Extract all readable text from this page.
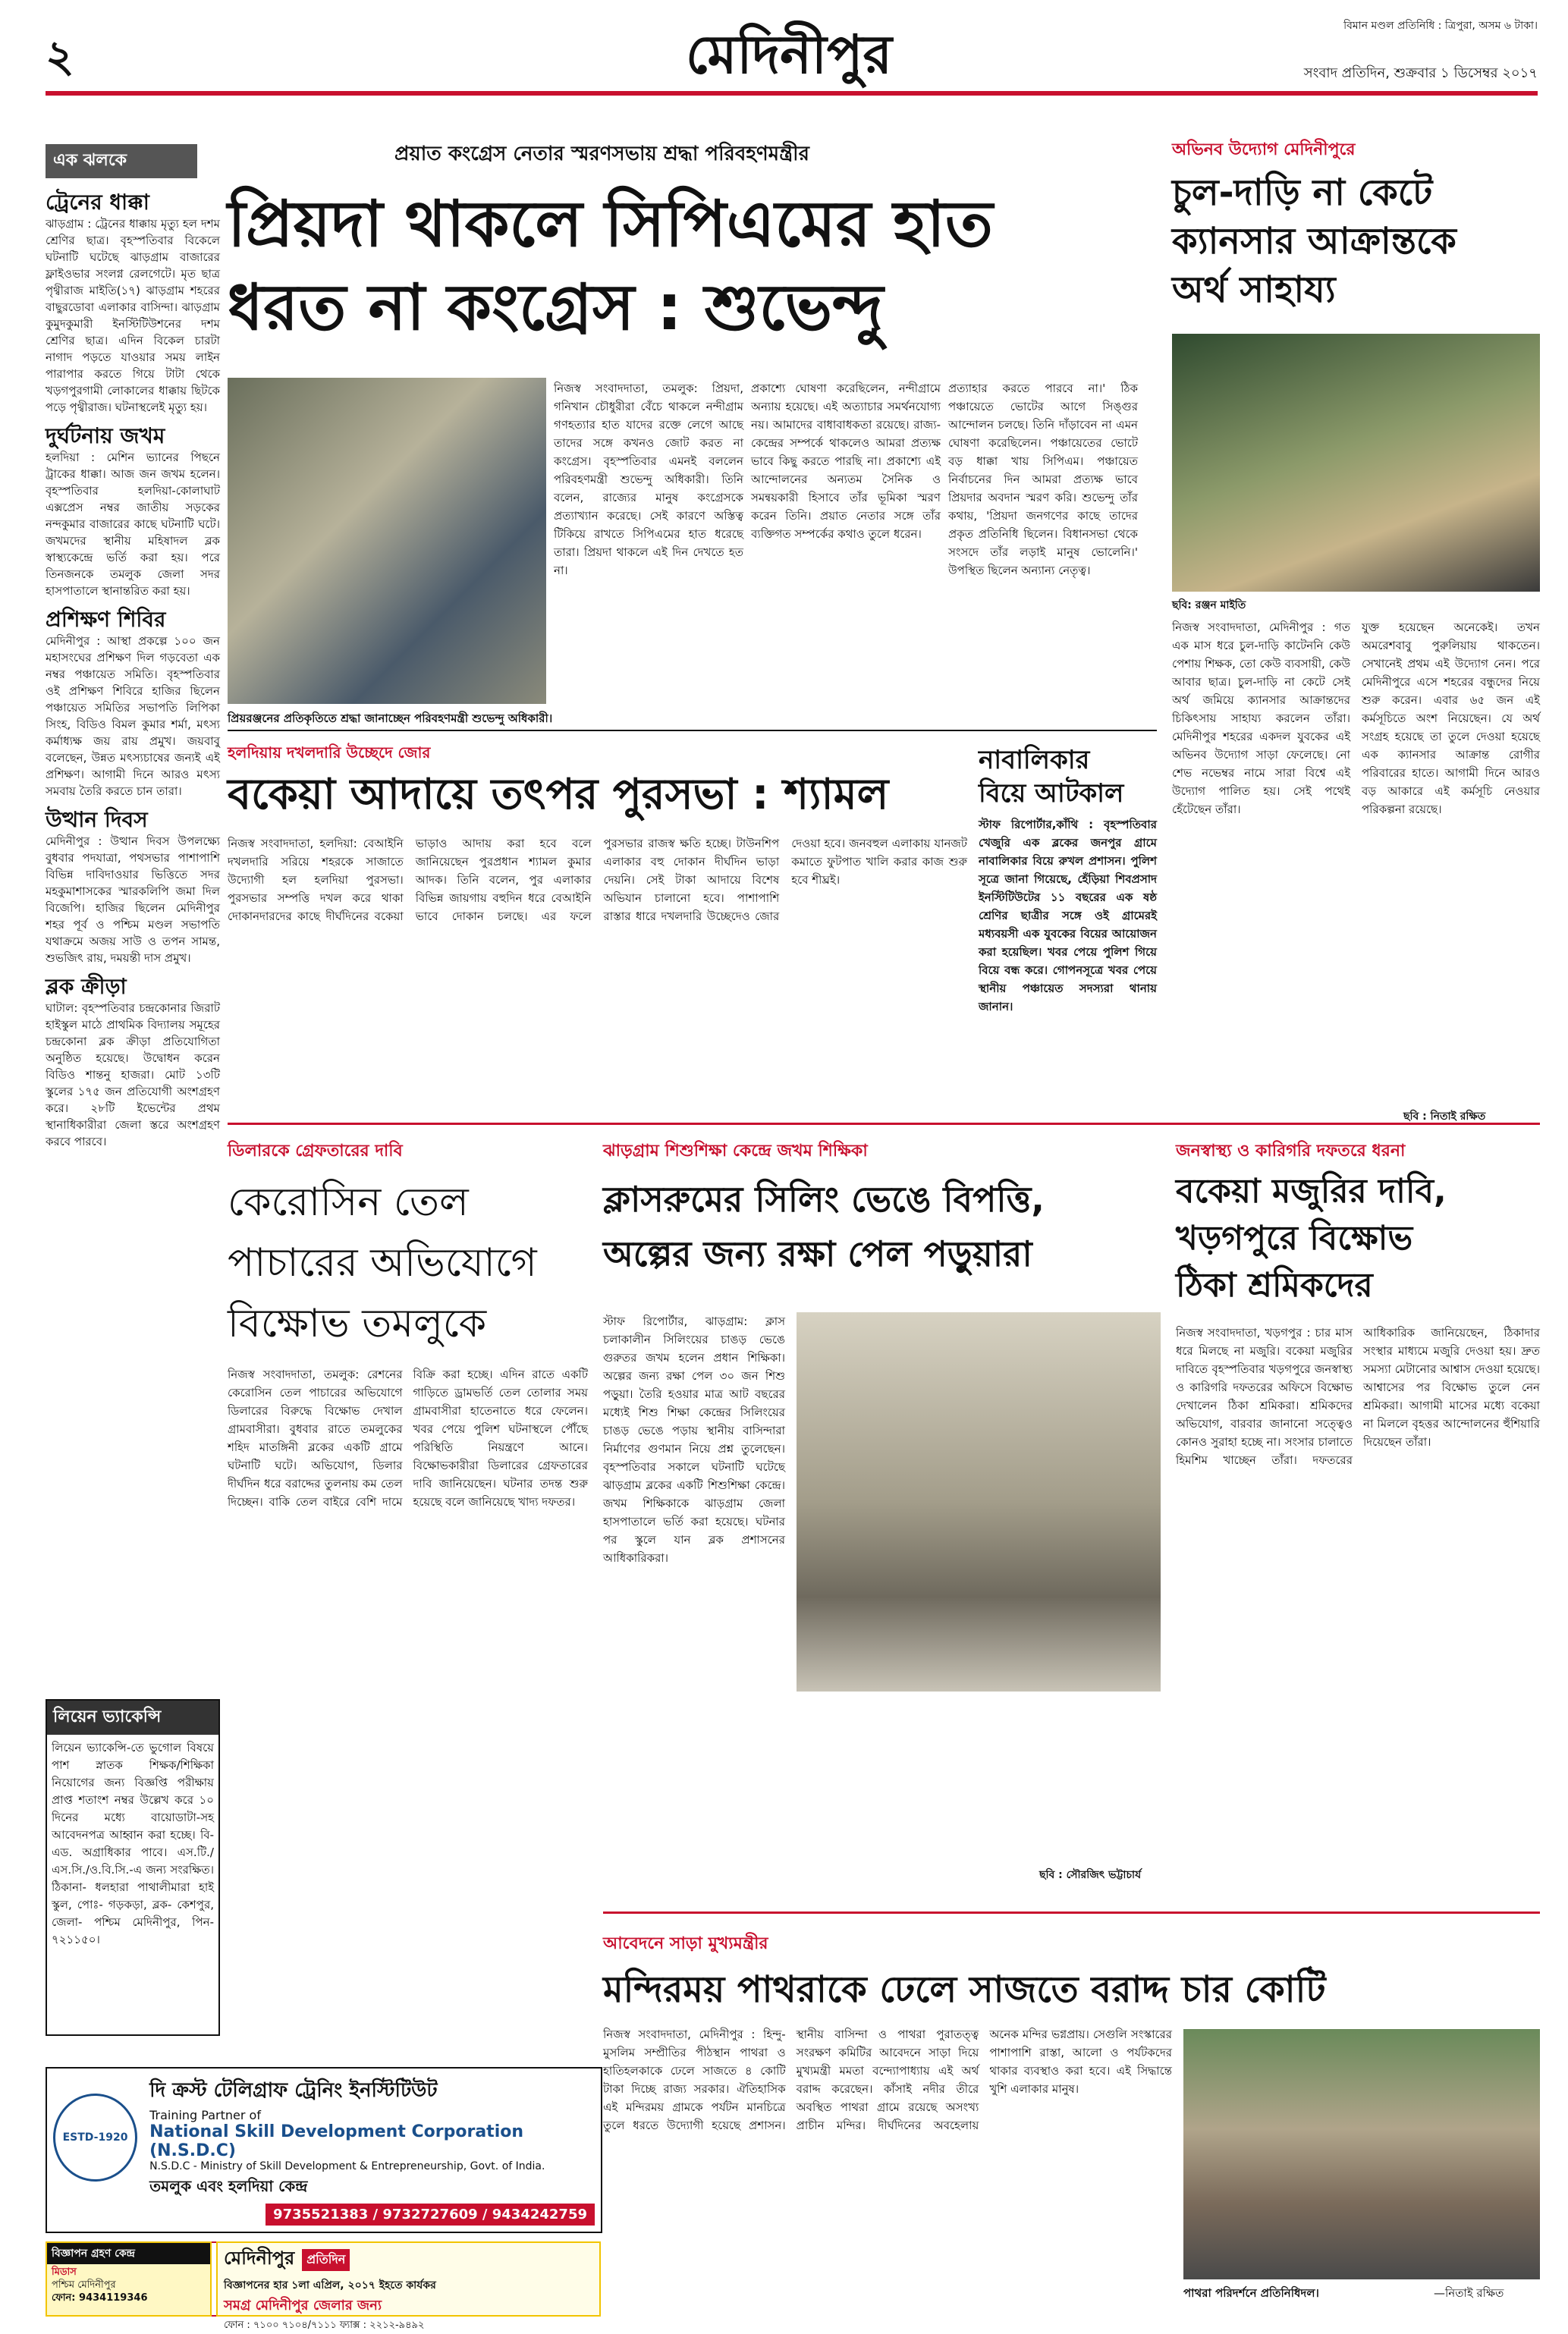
২	মেদিনীপুর	বিমান মণ্ডল প্রতিনিধি : ত্রিপুরা, অসম ৬ টাকা।
সংবাদ প্রতিদিন, শুক্রবার ১ ডিসেম্বর ২০১৭
এক ঝলকে
ট্রেনের ধাক্কা
ঝাড়গ্রাম : ট্রেনের ধাক্কায় মৃত্যু হল দশম শ্রেণির ছাত্র। বৃহস্পতিবার বিকেলে ঘটনাটি ঘটেছে ঝাড়গ্রাম বাজারের ফ্লাইওভার সংলগ্ন রেলগেটে। মৃত ছাত্র পৃথ্বীরাজ মাইতি(১৭) ঝাড়গ্রাম শহরের বাছুরডোবা এলাকার বাসিন্দা। ঝাড়গ্রাম কুমুদকুমারী ইনস্টিটিউশনের দশম শ্রেণির ছাত্র। এদিন বিকেল চারটা নাগাদ পড়তে যাওয়ার সময় লাইন পারাপার করতে গিয়ে টাটা থেকে খড়গপুরগামী লোকালের ধাক্কায় ছিটকে পড়ে পৃথ্বীরাজ। ঘটনাস্থলেই মৃত্যু হয়।
দুর্ঘটনায় জখম
হলদিয়া : মেশিন ভ্যানের পিছনে ট্রাকের ধাক্কা। আজ জন জখম হলেন। বৃহস্পতিবার হলদিয়া-কোলাঘাট এক্সপ্রেস নম্বর জাতীয় সড়কের নন্দকুমার বাজারের কাছে ঘটনাটি ঘটে। জখমদের স্থানীয় মহিষাদল ব্লক স্বাস্থ্যকেন্দ্রে ভর্তি করা হয়। পরে তিনজনকে তমলুক জেলা সদর হাসপাতালে স্থানান্তরিত করা হয়।
প্রশিক্ষণ শিবির
মেদিনীপুর : আস্থা প্রকল্পে ১০০ জন মহাসংঘের প্রশিক্ষণ দিল গড়বেতা এক নম্বর পঞ্চায়েত সমিতি। বৃহস্পতিবার ওই প্রশিক্ষণ শিবিরে হাজির ছিলেন পঞ্চায়েত সমিতির সভাপতি লিপিকা সিংহ, বিডিও বিমল কুমার শর্মা, মৎস্য কর্মাধ্যক্ষ জয় রায় প্রমুখ। জয়বাবু বলেছেন, উন্নত মৎস্যচাষের জন্যই এই প্রশিক্ষণ। আগামী দিনে আরও মৎস্য সমবায় তৈরি করতে চান তারা।
উত্থান দিবস
মেদিনীপুর : উত্থান দিবস উপলক্ষ্যে বুধবার পদযাত্রা, পথসভার পাশাপাশি বিভিন্ন দাবিদাওয়ার ভিত্তিতে সদর মহকুমাশাসকের স্মারকলিপি জমা দিল বিজেপি। হাজির ছিলেন মেদিনীপুর শহর পূর্ব ও পশ্চিম মণ্ডল সভাপতি যথাক্রমে অজয় সাউ ও তপন সামন্ত, শুভজিৎ রায়, দময়ন্তী দাস প্রমুখ।
ব্লক ক্রীড়া
ঘাটাল: বৃহস্পতিবার চন্দ্রকোনার জিরাট হাইস্কুল মাঠে প্রাথমিক বিদ্যালয় সমূহের চন্দ্রকোনা ব্লক ক্রীড়া প্রতিযোগিতা অনুষ্ঠিত হয়েছে। উদ্বোধন করেন বিডিও শান্তনু হাজরা। মোট ১৩টি স্কুলের ১৭৫ জন প্রতিযোগী অংশগ্রহণ করে। ২৮টি ইভেন্টের প্রথম স্থানাধিকারীরা জেলা স্তরে অংশগ্রহণ করবে পারবে।
লিয়েন ভ্যাকেন্সি
লিয়েন ভ্যাকেন্সি-তে ভুগোল বিষয়ে পাশ স্নাতক শিক্ষক/শিক্ষিকা নিয়োগের জন্য বিজ্ঞপ্তি পরীক্ষায় প্রাপ্ত শতাংশ নম্বর উল্লেখ করে ১০ দিনের মধ্যে বায়োডাটা-সহ আবেদনপত্র আহ্বান করা হচ্ছে। বি-এড. অগ্রাধিকার পাবে। এস.টি./এস.সি./ও.বি.সি.-এ জন্য সংরক্ষিত। ঠিকানা- ধলহারা পাথালীমারা হাই স্কুল, পোঃ- গড়কড়া, ব্লক- কেশপুর, জেলা- পশ্চিম মেদিনীপুর, পিন- ৭২১১৫০।
ESTD-1920
দি ক্রস্ট টেলিগ্রাফ ট্রেনিং ইনস্টিটিউট
Training Partner of
National Skill Development Corporation (N.S.D.C)
N.S.D.C - Ministry of Skill Development & Entrepreneurship, Govt. of India.
তমলুক এবং হলদিয়া কেন্দ্র
9735521383 / 9732727609 / 9434242759
প্রয়াত কংগ্রেস নেতার স্মরণসভায় শ্রদ্ধা পরিবহণমন্ত্রীর
প্রিয়দা থাকলে সিপিএমের হাত
ধরত না কংগ্রেস : শুভেন্দু
প্রিয়রঞ্জনের প্রতিকৃতিতে শ্রদ্ধা জানাচ্ছেন পরিবহণমন্ত্রী শুভেন্দু অধিকারী।
নিজস্ব সংবাদদাতা, তমলুক: প্রিয়দা, গনিখান চৌধুরীরা বেঁচে থাকলে নন্দীগ্রাম গণহত্যার হাত যাদের রক্তে লেগে আছে তাদের সঙ্গে কখনও জোট করত না কংগ্রেস। বৃহস্পতিবার এমনই বললেন পরিবহণমন্ত্রী শুভেন্দু অধিকারী। তিনি বলেন, রাজ্যের মানুষ কংগ্রেসকে প্রত্যাখ্যান করেছে। সেই কারণে অস্তিত্ব টিকিয়ে রাখতে সিপিএমের হাত ধরেছে তারা। প্রিয়দা থাকলে এই দিন দেখতে হত না।
প্রকাশ্যে ঘোষণা করেছিলেন, নন্দীগ্রামে অন্যায় হয়েছে। এই অত্যাচার সমর্থনযোগ্য নয়। আমাদের বাধাবাধকতা রয়েছে। রাজ্য-কেন্দ্রের সম্পর্কে থাকলেও আমরা প্রত্যক্ষ ভাবে কিছু করতে পারছি না। প্রকাশ্যে এই আন্দোলনের অন্যতম সৈনিক ও সমন্বয়কারী হিসাবে তাঁর ভূমিকা স্মরণ করেন তিনি। প্রয়াত নেতার সঙ্গে তাঁর ব্যক্তিগত সম্পর্কের কথাও তুলে ধরেন।
প্রত্যাহার করতে পারবে না।' ঠিক পঞ্চায়েতে ভোটের আগে সিঙ্গুর আন্দোলন চলছে। তিনি দাঁড়াবেন না এমন ঘোষণা করেছিলেন। পঞ্চায়েতের ভোটে বড় ধাক্কা খায় সিপিএম। পঞ্চায়েত নির্বাচনের দিন আমরা প্রত্যক্ষ ভাবে প্রিয়দার অবদান স্মরণ করি। শুভেন্দু তাঁর কথায়, 'প্রিয়দা জনগণের কাছে তাদের প্রকৃত প্রতিনিধি ছিলেন। বিধানসভা থেকে সংসদে তাঁর লড়াই মানুষ ভোলেনি।' উপস্থিত ছিলেন অন্যান্য নেতৃত্ব।
অভিনব উদ্যোগ মেদিনীপুরে
চুল-দাড়ি না কেটে
ক্যানসার আক্রান্তকে
অর্থ সাহায্য
ছবি: রঞ্জন মাইতি
নিজস্ব সংবাদদাতা, মেদিনীপুর : গত এক মাস ধরে চুল-দাড়ি কাটেননি কেউ পেশায় শিক্ষক, তো কেউ ব্যবসায়ী, কেউ আবার ছাত্র। চুল-দাড়ি না কেটে সেই অর্থ জমিয়ে ক্যানসার আক্রান্তদের চিকিৎসায় সাহায্য করলেন তাঁরা। মেদিনীপুর শহরের একদল যুবকের এই অভিনব উদ্যোগ সাড়া ফেলেছে। নো শেভ নভেম্বর নামে সারা বিশ্বে এই উদ্যোগ পালিত হয়। সেই পথেই হেঁটেছেন তাঁরা।
যুক্ত হয়েছেন অনেকেই। তখন অমরেশবাবু পুরুলিয়ায় থাকতেন। সেখানেই প্রথম এই উদ্যোগ নেন। পরে মেদিনীপুরে এসে শহরের বন্ধুদের নিয়ে শুরু করেন। এবার ৬৫ জন এই কর্মসূচিতে অংশ নিয়েছেন। যে অর্থ সংগ্রহ হয়েছে তা তুলে দেওয়া হয়েছে এক ক্যানসার আক্রান্ত রোগীর পরিবারের হাতে। আগামী দিনে আরও বড় আকারে এই কর্মসূচি নেওয়ার পরিকল্পনা রয়েছে।
ছবি : নিতাই রক্ষিত
হলদিয়ায় দখলদারি উচ্ছেদে জোর
বকেয়া আদায়ে তৎপর পুরসভা : শ্যামল
নিজস্ব সংবাদদাতা, হলদিয়া: বেআইনি দখলদারি সরিয়ে শহরকে সাজাতে উদ্যোগী হল হলদিয়া পুরসভা। পুরসভার সম্পত্তি দখল করে থাকা দোকানদারদের কাছে দীর্ঘদিনের বকেয়া ভাড়াও আদায় করা হবে বলে জানিয়েছেন পুরপ্রধান শ্যামল কুমার আদক। তিনি বলেন, পুর এলাকার বিভিন্ন জায়গায় বহুদিন ধরে বেআইনি ভাবে দোকান চলছে। এর ফলে পুরসভার রাজস্ব ক্ষতি হচ্ছে। টাউনশিপ এলাকার বহু দোকান দীর্ঘদিন ভাড়া দেয়নি। সেই টাকা আদায়ে বিশেষ অভিযান চালানো হবে। পাশাপাশি রাস্তার ধারে দখলদারি উচ্ছেদেও জোর দেওয়া হবে। জনবহুল এলাকায় যানজট কমাতে ফুটপাত খালি করার কাজ শুরু হবে শীঘ্রই।
নাবালিকার
বিয়ে আটকাল
স্টাফ রিপোর্টার,কাঁথি : বৃহস্পতিবার খেজুরি এক ব্লকের জনপুর গ্রামে নাবালিকার বিয়ে রুখল প্রশাসন। পুলিশ সূত্রে জানা গিয়েছে, হেঁড়িয়া শিবপ্রসাদ ইনস্টিটিউটের ১১ বছরের এক ষষ্ঠ শ্রেণির ছাত্রীর সঙ্গে ওই গ্রামেরই মধ্যবয়সী এক যুবকের বিয়ের আয়োজন করা হয়েছিল। খবর পেয়ে পুলিশ গিয়ে বিয়ে বন্ধ করে। গোপনসূত্রে খবর পেয়ে স্থানীয় পঞ্চায়েত সদস্যরা থানায় জানান।
ডিলারকে গ্রেফতারের দাবি
কেরোসিন তেল
পাচারের অভিযোগে
বিক্ষোভ তমলুকে
নিজস্ব সংবাদদাতা, তমলুক: রেশনের কেরোসিন তেল পাচারের অভিযোগে ডিলারের বিরুদ্ধে বিক্ষোভ দেখাল গ্রামবাসীরা। বুধবার রাতে তমলুকের শহিদ মাতঙ্গিনী ব্লকের একটি গ্রামে ঘটনাটি ঘটে। অভিযোগ, ডিলার দীর্ঘদিন ধরে বরাদ্দের তুলনায় কম তেল দিচ্ছেন। বাকি তেল বাইরে বেশি দামে বিক্রি করা হচ্ছে। এদিন রাতে একটি গাড়িতে ড্রামভর্তি তেল তোলার সময় গ্রামবাসীরা হাতেনাতে ধরে ফেলেন। খবর পেয়ে পুলিশ ঘটনাস্থলে পৌঁছে পরিস্থিতি নিয়ন্ত্রণে আনে। বিক্ষোভকারীরা ডিলারের গ্রেফতারের দাবি জানিয়েছেন। ঘটনার তদন্ত শুরু হয়েছে বলে জানিয়েছে খাদ্য দফতর।
ঝাড়গ্রাম শিশুশিক্ষা কেন্দ্রে জখম শিক্ষিকা
ক্লাসরুমের সিলিং ভেঙে বিপত্তি,
অল্পের জন্য রক্ষা পেল পড়ুয়ারা
স্টাফ রিপোর্টার, ঝাড়গ্রাম: ক্লাস চলাকালীন সিলিংয়ের চাঙড় ভেঙে গুরুতর জখম হলেন প্রধান শিক্ষিকা। অল্পের জন্য রক্ষা পেল ৩০ জন শিশু পড়ুয়া। তৈরি হওয়ার মাত্র আট বছরের মধ্যেই শিশু শিক্ষা কেন্দ্রের সিলিংয়ের চাঙড় ভেঙে পড়ায় স্থানীয় বাসিন্দারা নির্মাণের গুণমান নিয়ে প্রশ্ন তুলেছেন। বৃহস্পতিবার সকালে ঘটনাটি ঘটেছে ঝাড়গ্রাম ব্লকের একটি শিশুশিক্ষা কেন্দ্রে। জখম শিক্ষিকাকে ঝাড়গ্রাম জেলা হাসপাতালে ভর্তি করা হয়েছে। ঘটনার পর স্কুলে যান ব্লক প্রশাসনের আধিকারিকরা।
ছবি : সৌরজিৎ ভট্টাচার্য
জনস্বাস্থ্য ও কারিগরি দফতরে ধরনা
বকেয়া মজুরির দাবি,
খড়গপুরে বিক্ষোভ
ঠিকা শ্রমিকদের
নিজস্ব সংবাদদাতা, খড়গপুর : চার মাস ধরে মিলছে না মজুরি। বকেয়া মজুরির দাবিতে বৃহস্পতিবার খড়গপুরে জনস্বাস্থ্য ও কারিগরি দফতরের অফিসে বিক্ষোভ দেখালেন ঠিকা শ্রমিকরা। শ্রমিকদের অভিযোগ, বারবার জানানো সত্ত্বেও কোনও সুরাহা হচ্ছে না। সংসার চালাতে হিমশিম খাচ্ছেন তাঁরা। দফতরের আধিকারিক জানিয়েছেন, ঠিকাদার সংস্থার মাধ্যমে মজুরি দেওয়া হয়। দ্রুত সমস্যা মেটানোর আশ্বাস দেওয়া হয়েছে। আশ্বাসের পর বিক্ষোভ তুলে নেন শ্রমিকরা। আগামী মাসের মধ্যে বকেয়া না মিললে বৃহত্তর আন্দোলনের হুঁশিয়ারি দিয়েছেন তাঁরা।
আবেদনে সাড়া মুখ্যমন্ত্রীর
মন্দিরময় পাথরাকে ঢেলে সাজতে বরাদ্দ চার কোটি
নিজস্ব সংবাদদাতা, মেদিনীপুর : হিন্দু-মুসলিম সম্প্রীতির পীঠস্থান পাথরা ও হাতিহলকাকে ঢেলে সাজতে ৪ কোটি টাকা দিচ্ছে রাজ্য সরকার। ঐতিহাসিক এই মন্দিরময় গ্রামকে পর্যটন মানচিত্রে তুলে ধরতে উদ্যোগী হয়েছে প্রশাসন। স্থানীয় বাসিন্দা ও পাথরা পুরাতত্ত্ব সংরক্ষণ কমিটির আবেদনে সাড়া দিয়ে মুখ্যমন্ত্রী মমতা বন্দ্যোপাধ্যায় এই অর্থ বরাদ্দ করেছেন। কাঁসাই নদীর তীরে অবস্থিত পাথরা গ্রামে রয়েছে অসংখ্য প্রাচীন মন্দির। দীর্ঘদিনের অবহেলায় অনেক মন্দির ভগ্নপ্রায়। সেগুলি সংস্কারের পাশাপাশি রাস্তা, আলো ও পর্যটকদের থাকার ব্যবস্থাও করা হবে। এই সিদ্ধান্তে খুশি এলাকার মানুষ।
পাথরা পরিদর্শনে প্রতিনিধিদল।	—নিতাই রক্ষিত
বিজ্ঞাপন গ্রহণ কেন্দ্র
মিডাস
পশ্চিম মেদিনীপুর
ফোন: 9434119346
মেদিনীপুর	প্রতিদিন
বিজ্ঞাপনের হার ১লা এপ্রিল, ২০১৭ ইহতে কার্যকর
সমগ্র মেদিনীপুর জেলার জন্য
ফোন : ৭১০০ ৭১০৪/৭১১১ ফ্যাক্স : ২২১২-৯৪৯২
